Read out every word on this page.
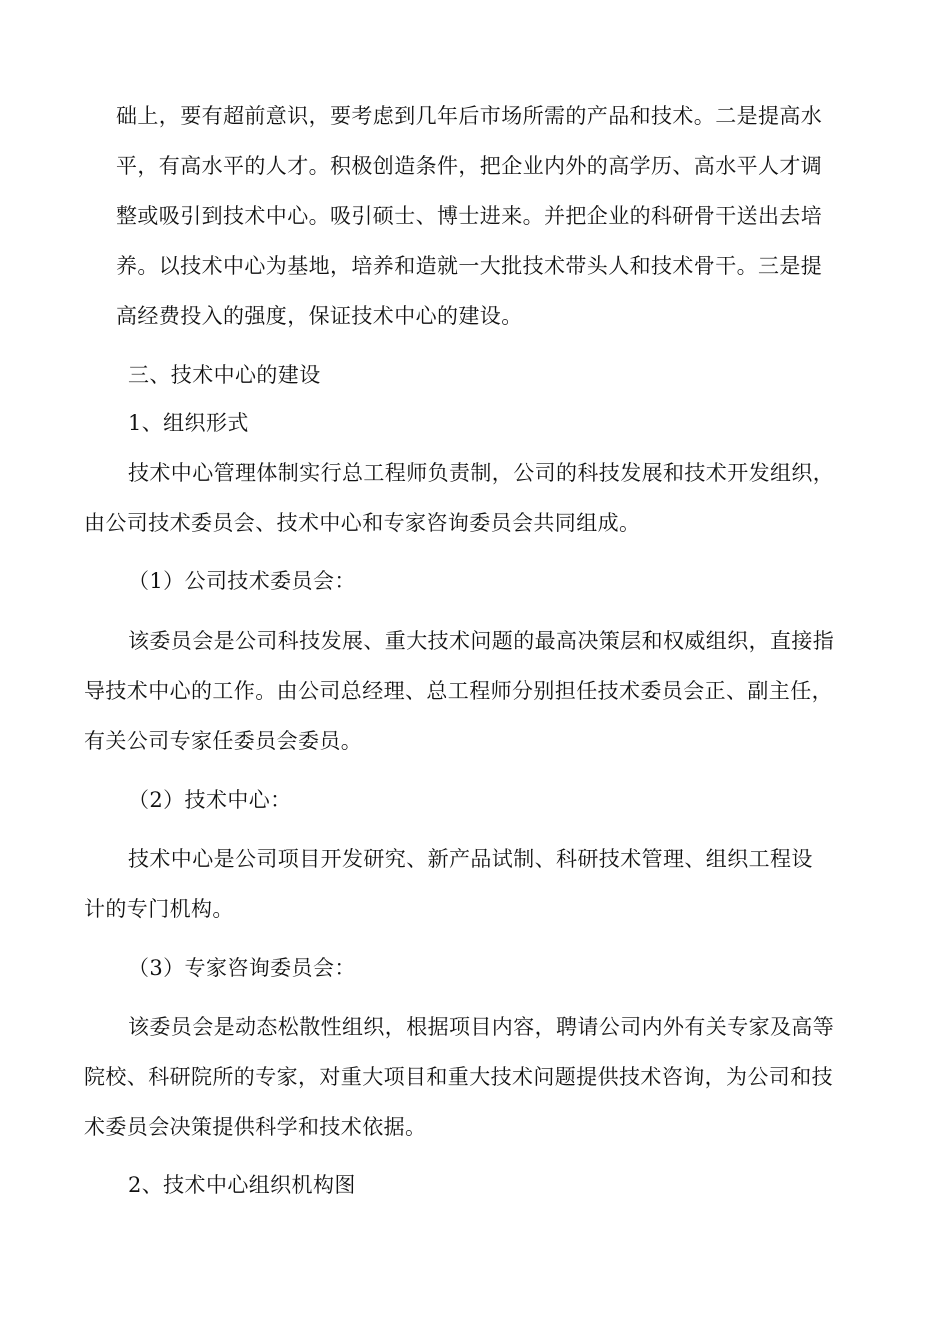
础上，要有超前意识，要考虑到几年后市场所需的产品和技术。二是提高水
平，有高水平的人才。积极创造条件，把企业内外的高学历、高水平人才调
整或吸引到技术中心。吸引硕士、博士进来。并把企业的科研骨干送出去培
养。以技术中心为基地，培养和造就一大批技术带头人和技术骨干。三是提
高经费投入的强度，保证技术中心的建设。
三、技术中心的建设
1、组织形式
技术中心管理体制实行总工程师负责制，公司的科技发展和技术开发组织，
由公司技术委员会、技术中心和专家咨询委员会共同组成。
（1）公司技术委员会：
该委员会是公司科技发展、重大技术问题的最高决策层和权威组织，直接指
导技术中心的工作。由公司总经理、总工程师分别担任技术委员会正、副主任，
有关公司专家任委员会委员。
（2）技术中心：
技术中心是公司项目开发研究、新产品试制、科研技术管理、组织工程设
计的专门机构。
（3）专家咨询委员会：
该委员会是动态松散性组织，根据项目内容，聘请公司内外有关专家及高等
院校、科研院所的专家，对重大项目和重大技术问题提供技术咨询，为公司和技
术委员会决策提供科学和技术依据。
2、技术中心组织机构图
